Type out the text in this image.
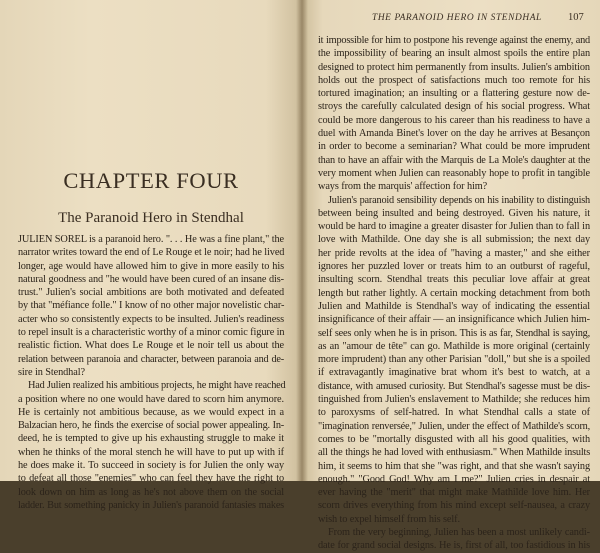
CHAPTER FOUR
The Paranoid Hero in Stendhal
JULIEN SOREL is a paranoid hero. ". . . He was a fine plant," the
narrator writes toward the end of Le Rouge et le noir; had he lived
longer, age would have allowed him to give in more easily to his
natural goodness and "he would have been cured of an insane dis-
trust." Julien's social ambitions are both motivated and defeated
by that "méfiance folle." I know of no other major novelistic char-
acter who so consistently expects to be insulted. Julien's readiness
to repel insult is a characteristic worthy of a minor comic figure in
realistic fiction. What does Le Rouge et le noir tell us about the
relation between paranoia and character, between paranoia and de-
sire in Stendhal?
Had Julien realized his ambitious projects, he might have reached
a position where no one would have dared to scorn him anymore.
He is certainly not ambitious because, as we would expect in a
Balzacian hero, he finds the exercise of social power appealing. In-
deed, he is tempted to give up his exhausting struggle to make it
when he thinks of the moral stench he will have to put up with if
he does make it. To succeed in society is for Julien the only way
to defeat all those "enemies" who can feel they have the right to
look down on him as long as he's not above them on the social
ladder. But something panicky in Julien's paranoid fantasies makes
THE PARANOID HERO IN STENDHAL 107
it impossible for him to postpone his revenge against the enemy, and
the impossibility of bearing an insult almost spoils the entire plan
designed to protect him permanently from insults. Julien's ambition
holds out the prospect of satisfactions much too remote for his
tortured imagination; an insulting or a flattering gesture now de-
stroys the carefully calculated design of his social progress. What
could be more dangerous to his career than his readiness to have a
duel with Amanda Binet's lover on the day he arrives at Besançon
in order to become a seminarian? What could be more imprudent
than to have an affair with the Marquis de La Mole's daughter at the
very moment when Julien can reasonably hope to profit in tangible
ways from the marquis' affection for him?
Julien's paranoid sensibility depends on his inability to distinguish
between being insulted and being destroyed. Given his nature, it
would be hard to imagine a greater disaster for Julien than to fall in
love with Mathilde. One day she is all submission; the next day
her pride revolts at the idea of "having a master," and she either
ignores her puzzled lover or treats him to an outburst of rageful,
insulting scorn. Stendhal treats this peculiar love affair at great
length but rather lightly. A certain mocking detachment from both
Julien and Mathilde is Stendhal's way of indicating the essential
insignificance of their affair — an insignificance which Julien him-
self sees only when he is in prison. This is as far, Stendhal is saying,
as an "amour de tête" can go. Mathilde is more original (certainly
more imprudent) than any other Parisian "doll," but she is a spoiled
if extravagantly imaginative brat whom it's best to watch, at a
distance, with amused curiosity. But Stendhal's sagesse must be dis-
tinguished from Julien's enslavement to Mathilde; she reduces him
to paroxysms of self-hatred. In what Stendhal calls a state of
"imagination renversée," Julien, under the effect of Mathilde's scorn,
comes to be "mortally disgusted with all his good qualities, with
all the things he had loved with enthusiasm." When Mathilde insults
him, it seems to him that she "was right, and that she wasn't saying
enough." "Good God! Why am I me?" Julien cries in despair at
ever having the "merit" that might make Mathilde love him. Her
scorn drives everything from his mind except self-nausea, a crazy
wish to expel himself from his self.
From the very beginning, Julien has been a most unlikely candi-
date for grand social designs. He is, first of all, too fastidious in his
